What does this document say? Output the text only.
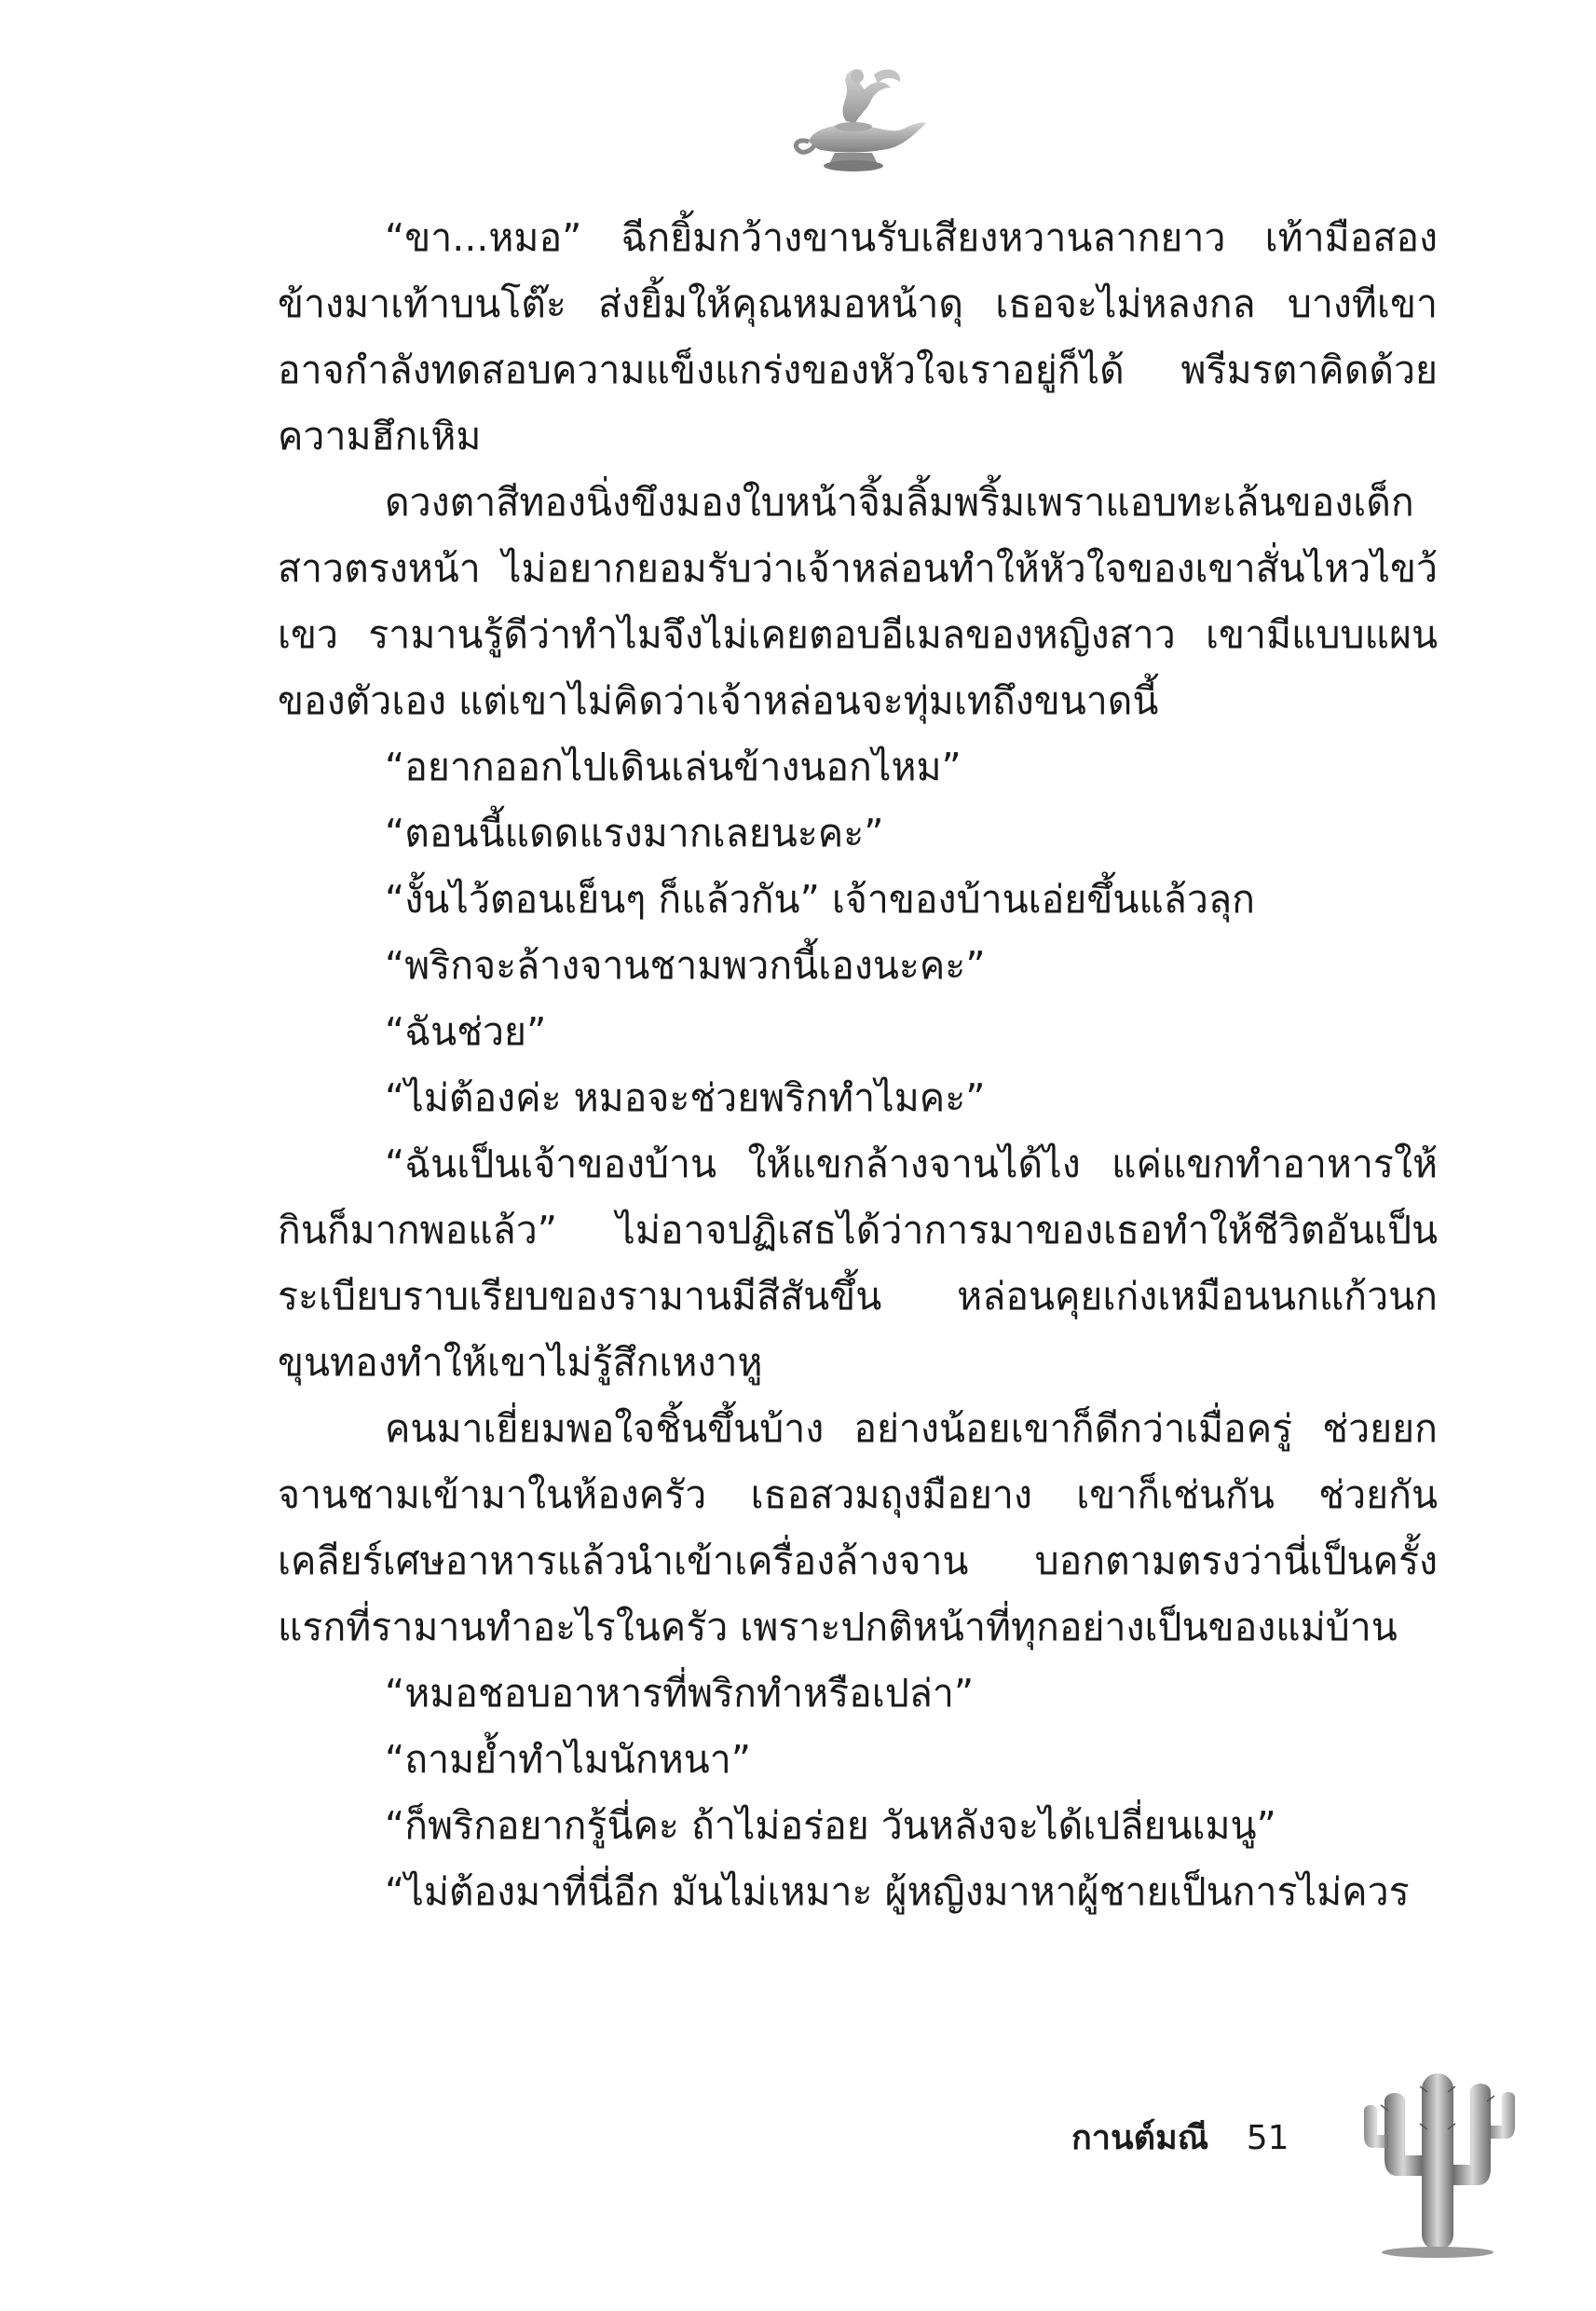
“ขา...หมอ” ฉีกยิ้มกว้างขานรับเสียงหวานลากยาว เท้ามือสองข้างมาเท้าบนโต๊ะ ส่งยิ้มให้คุณหมอหน้าดุ เธอจะไม่หลงกล บางทีเขาอาจกำลังทดสอบความแข็งแกร่งของหัวใจเราอยู่ก็ได้ พรีมรตาคิดด้วยความฮึกเหิม

ดวงตาสีทองนิ่งขึงมองใบหน้าจิ้มลิ้มพริ้มเพราแอบทะเล้นของเด็กสาวตรงหน้า ไม่อยากยอมรับว่าเจ้าหล่อนทำให้หัวใจของเขาสั่นไหวไขว้เขว รามานรู้ดีว่าทำไมจึงไม่เคยตอบอีเมลของหญิงสาว เขามีแบบแผนของตัวเอง แต่เขาไม่คิดว่าเจ้าหล่อนจะทุ่มเทถึงขนาดนี้

“อยากออกไปเดินเล่นข้างนอกไหม”

“ตอนนี้แดดแรงมากเลยนะคะ”

“งั้นไว้ตอนเย็นๆ ก็แล้วกัน” เจ้าของบ้านเอ่ยขึ้นแล้วลุก

“พริกจะล้างจานชามพวกนี้เองนะคะ”

“ฉันช่วย”

“ไม่ต้องค่ะ หมอจะช่วยพริกทำไมคะ”

“ฉันเป็นเจ้าของบ้าน ให้แขกล้างจานได้ไง แค่แขกทำอาหารให้กินก็มากพอแล้ว” ไม่อาจปฏิเสธได้ว่าการมาของเธอทำให้ชีวิตอันเป็นระเบียบราบเรียบของรามานมีสีสันขึ้น หล่อนคุยเก่งเหมือนนกแก้วนกขุนทองทำให้เขาไม่รู้สึกเหงาหู

คนมาเยี่ยมพอใจชิ้นขึ้นบ้าง อย่างน้อยเขาก็ดีกว่าเมื่อครู่ ช่วยยกจานชามเข้ามาในห้องครัว เธอสวมถุงมือยาง เขาก็เช่นกัน ช่วยกันเคลียร์เศษอาหารแล้วนำเข้าเครื่องล้างจาน บอกตามตรงว่านี่เป็นครั้งแรกที่รามานทำอะไรในครัว เพราะปกติหน้าที่ทุกอย่างเป็นของแม่บ้าน

“หมอชอบอาหารที่พริกทำหรือเปล่า”

“ถามย้ำทำไมนักหนา”

“ก็พริกอยากรู้นี่คะ ถ้าไม่อร่อย วันหลังจะได้เปลี่ยนเมนู”

“ไม่ต้องมาที่นี่อีก มันไม่เหมาะ ผู้หญิงมาหาผู้ชายเป็นการไม่ควร

กานต์มณี 51
